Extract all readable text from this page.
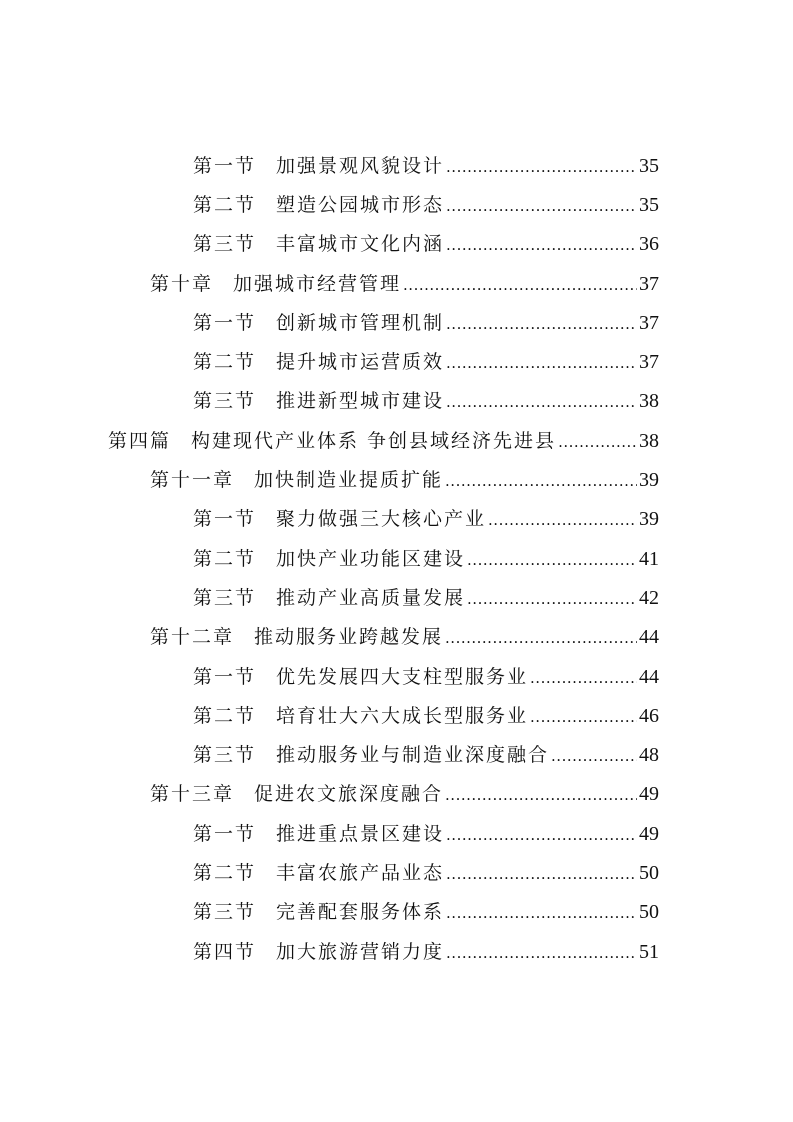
第一节 加强景观风貌设计 .....	35
第二节 塑造公园城市形态 .....	35
第三节 丰富城市文化内涵 .....	36
第十章 加强城市经营管理 .....	37
第一节 创新城市管理机制 .....	37
第二节 提升城市运营质效 .....	37
第三节 推进新型城市建设 .....	38
第四篇 构建现代产业体系 争创县域经济先进县 .....	38
第十一章 加快制造业提质扩能 .....	39
第一节 聚力做强三大核心产业 .....	39
第二节 加快产业功能区建设 .....	41
第三节 推动产业高质量发展 .....	42
第十二章 推动服务业跨越发展 .....	44
第一节 优先发展四大支柱型服务业 .....	44
第二节 培育壮大六大成长型服务业 .....	46
第三节 推动服务业与制造业深度融合 .....	48
第十三章 促进农文旅深度融合 .....	49
第一节 推进重点景区建设 .....	49
第二节 丰富农旅产品业态 .....	50
第三节 完善配套服务体系 .....	50
第四节 加大旅游营销力度 .....	51
